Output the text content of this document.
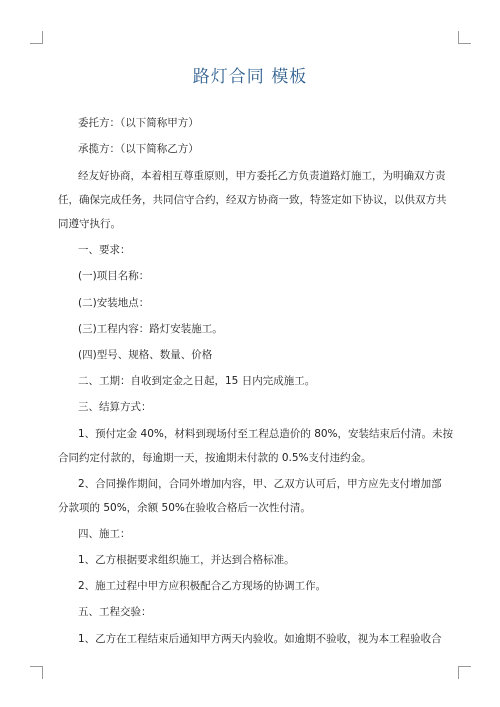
路灯合同 模板
委托方：（以下简称甲方）
承揽方：（以下简称乙方）
经友好协商，本着相互尊重原则，甲方委托乙方负责道路灯施工，为明确双方责
任，确保完成任务，共同信守合约，经双方协商一致，特签定如下协议，以供双方共
同遵守执行。
一、要求：
(一)项目名称：
(二)安装地点：
(三)工程内容：路灯安装施工。
(四)型号、规格、数量、价格
二、工期：自收到定金之日起，15 日内完成施工。
三、结算方式：
1、预付定金 40%，材料到现场付至工程总造价的 80%，安装结束后付清。未按
合同约定付款的，每逾期一天，按逾期未付款的 0.5%支付违约金。
2、合同操作期间，合同外增加内容，甲、乙双方认可后，甲方应先支付增加部
分款项的 50%，余额 50%在验收合格后一次性付清。
四、施工：
1、乙方根据要求组织施工，并达到合格标准。
2、施工过程中甲方应积极配合乙方现场的协调工作。
五、工程交验：
1、乙方在工程结束后通知甲方两天内验收。如逾期不验收，视为本工程验收合
